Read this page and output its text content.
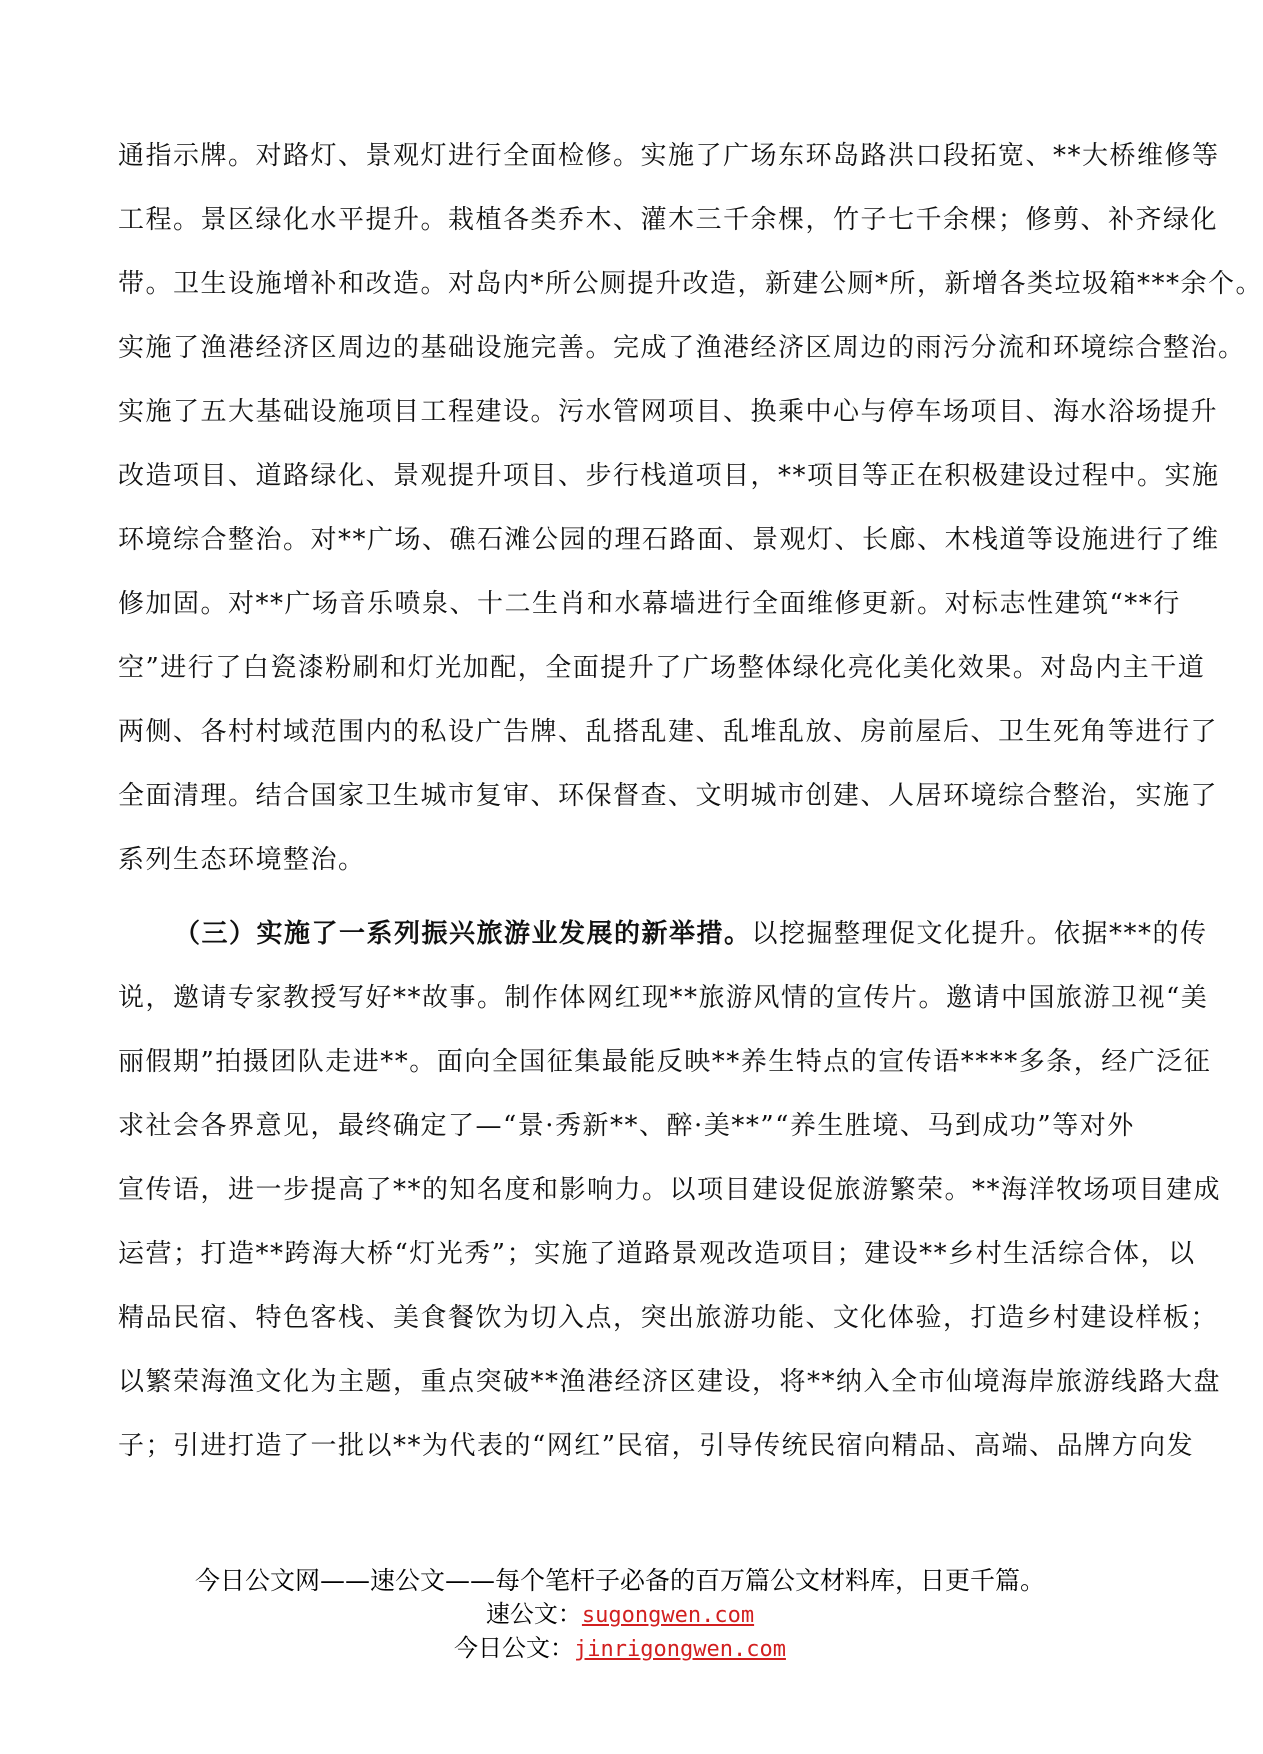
通指示牌。对路灯、景观灯进行全面检修。实施了广场东环岛路洪口段拓宽、**大桥维修等
工程。景区绿化水平提升。栽植各类乔木、灌木三千余棵，竹子七千余棵；修剪、补齐绿化
带。卫生设施增补和改造。对岛内*所公厕提升改造，新建公厕*所，新增各类垃圾箱***余个。
实施了渔港经济区周边的基础设施完善。完成了渔港经济区周边的雨污分流和环境综合整治。
实施了五大基础设施项目工程建设。污水管网项目、换乘中心与停车场项目、海水浴场提升
改造项目、道路绿化、景观提升项目、步行栈道项目，**项目等正在积极建设过程中。实施
环境综合整治。对**广场、礁石滩公园的理石路面、景观灯、长廊、木栈道等设施进行了维
修加固。对**广场音乐喷泉、十二生肖和水幕墙进行全面维修更新。对标志性建筑“**行
空”进行了白瓷漆粉刷和灯光加配，全面提升了广场整体绿化亮化美化效果。对岛内主干道
两侧、各村村域范围内的私设广告牌、乱搭乱建、乱堆乱放、房前屋后、卫生死角等进行了
全面清理。结合国家卫生城市复审、环保督查、文明城市创建、人居环境综合整治，实施了
系列生态环境整治。
（三）实施了一系列振兴旅游业发展的新举措。以挖掘整理促文化提升。依据***的传
说，邀请专家教授写好**故事。制作体网红现**旅游风情的宣传片。邀请中国旅游卫视“美
丽假期”拍摄团队走进**。面向全国征集最能反映**养生特点的宣传语****多条，经广泛征
求社会各界意见，最终确定了—“景·秀新**、醉·美**”“养生胜境、马到成功”等对外
宣传语，进一步提高了**的知名度和影响力。以项目建设促旅游繁荣。**海洋牧场项目建成
运营；打造**跨海大桥“灯光秀”；实施了道路景观改造项目；建设**乡村生活综合体，以
精品民宿、特色客栈、美食餐饮为切入点，突出旅游功能、文化体验，打造乡村建设样板；
以繁荣海渔文化为主题，重点突破**渔港经济区建设，将**纳入全市仙境海岸旅游线路大盘
子；引进打造了一批以**为代表的“网红”民宿，引导传统民宿向精品、高端、品牌方向发
今日公文网——速公文——每个笔杆子必备的百万篇公文材料库，日更千篇。
速公文：sugongwen.com
今日公文：jinrigongwen.com
